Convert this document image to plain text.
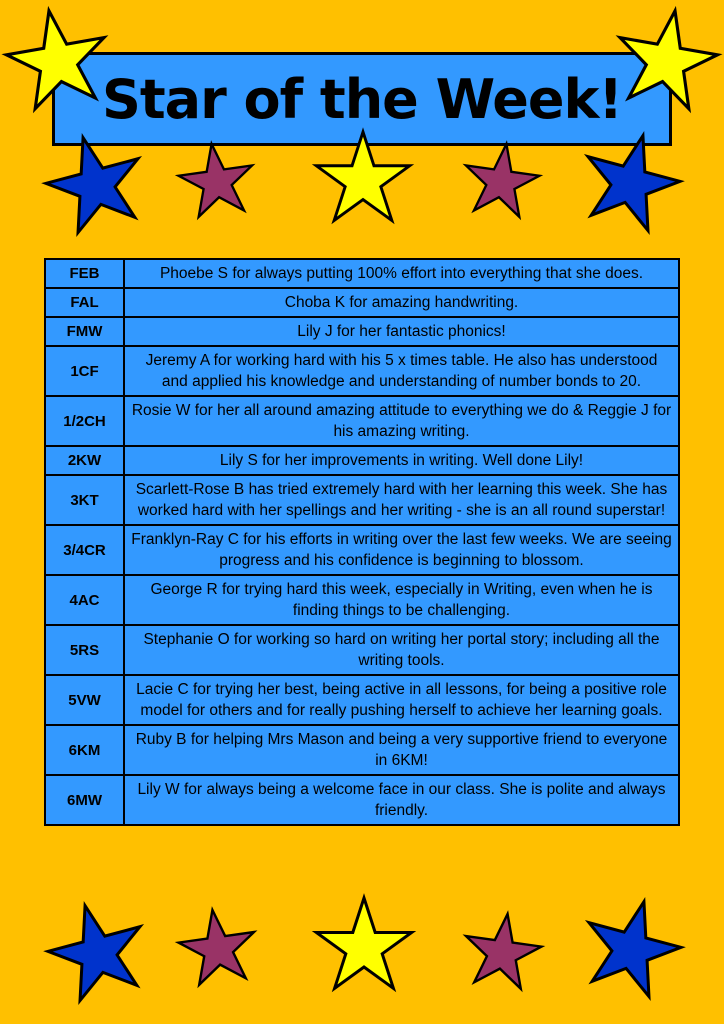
Star of the Week!
FEB	Phoebe S for always putting 100% effort into everything that she does.
FAL	Choba K for amazing handwriting.
FMW	Lily J for her fantastic phonics!
1CF	Jeremy A for working hard with his 5 x times table. He also has understood and applied his knowledge and understanding of number bonds to 20.
1/2CH	Rosie W for her all around amazing attitude to everything we do & Reggie J for his amazing writing.
2KW	Lily S for her improvements in writing. Well done Lily!
3KT	Scarlett-Rose B has tried extremely hard with her learning this week. She has worked hard with her spellings and her writing - she is an all round superstar!
3/4CR	Franklyn-Ray C for his efforts in writing over the last few weeks. We are seeing progress and his confidence is beginning to blossom.
4AC	George R for trying hard this week, especially in Writing, even when he is finding things to be challenging.
5RS	Stephanie O for working so hard on writing her portal story; including all the writing tools.
5VW	Lacie C for trying her best, being active in all lessons, for being a positive role model for others and for really pushing herself to achieve her learning goals.
6KM	Ruby B for helping Mrs Mason and being a very supportive friend to everyone in 6KM!
6MW	Lily W for always being a welcome face in our class. She is polite and always friendly.
